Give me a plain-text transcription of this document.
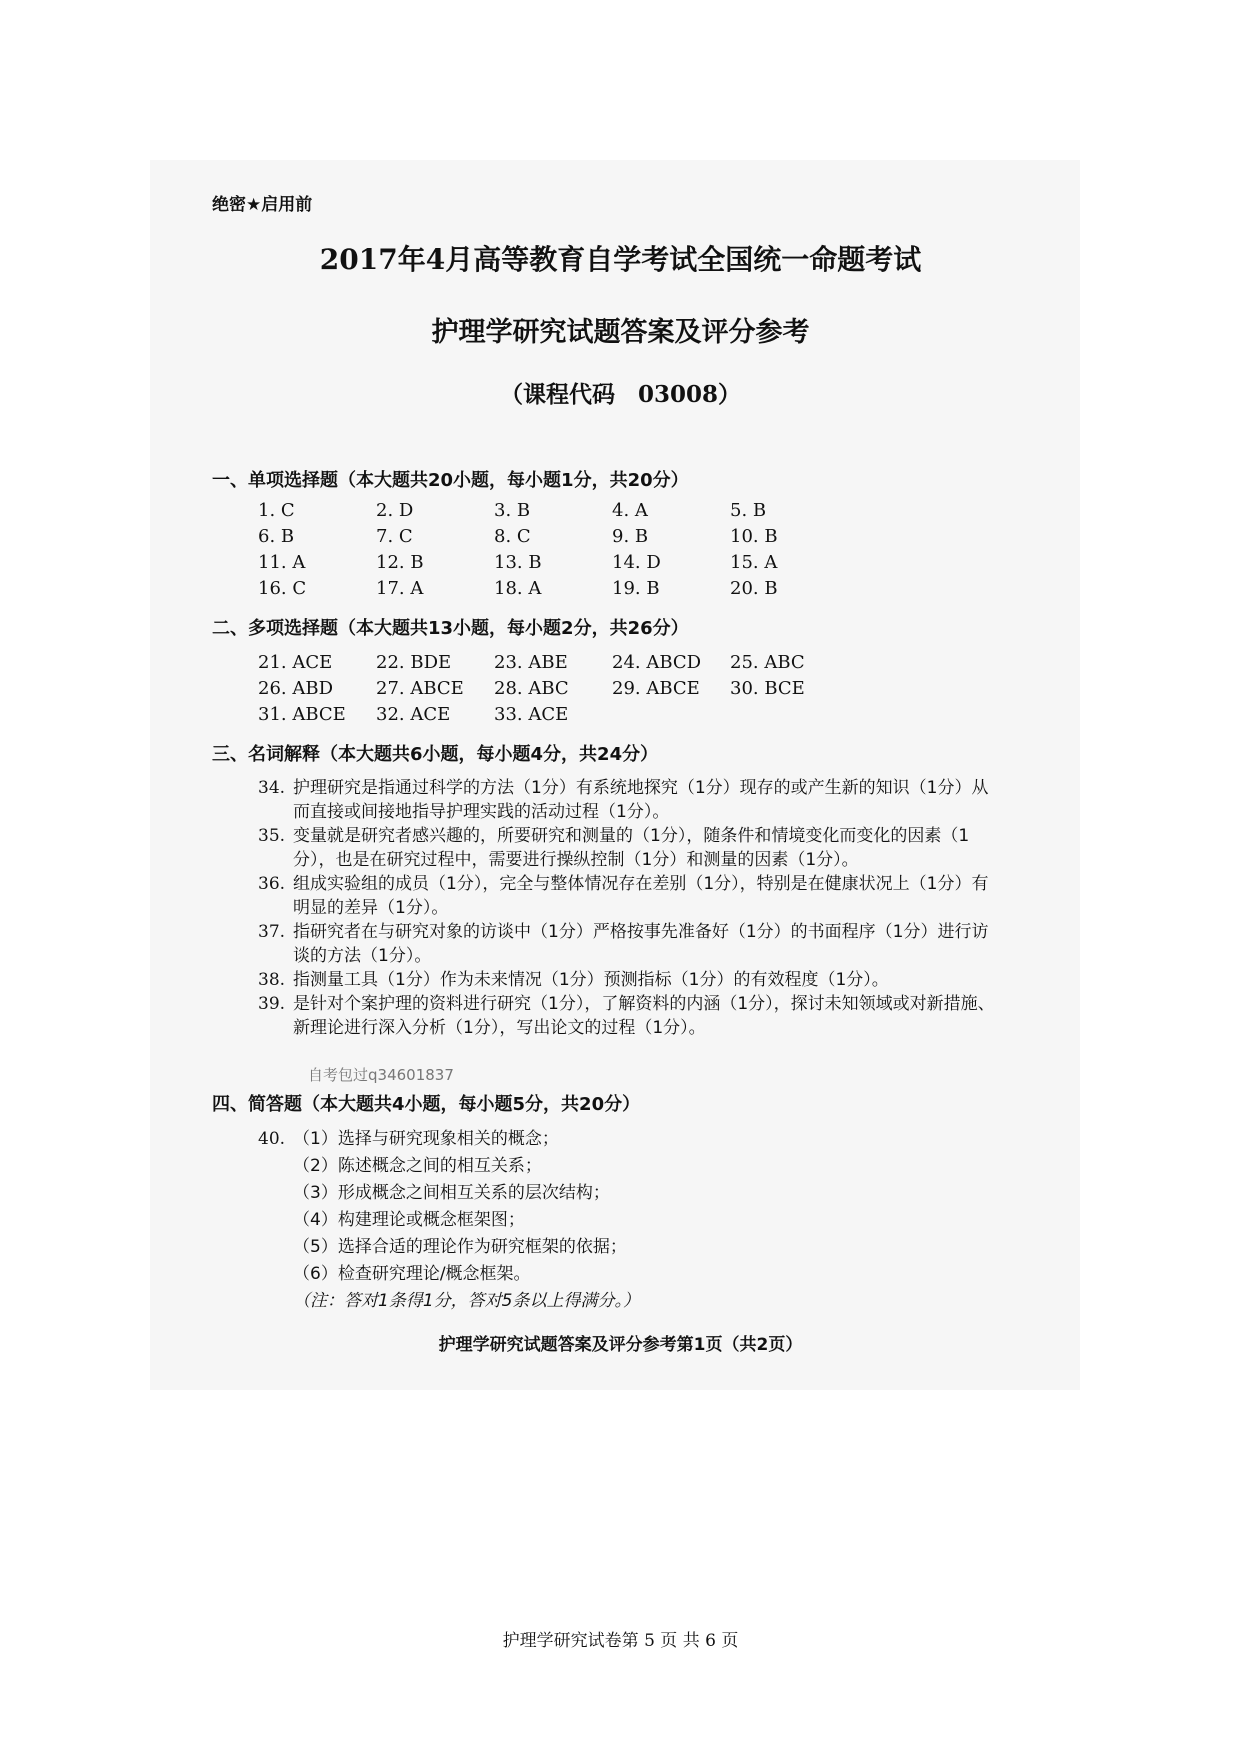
绝密★启用前
2017年4月高等教育自学考试全国统一命题考试
护理学研究试题答案及评分参考
（课程代码　03008）
一、单项选择题（本大题共20小题，每小题1分，共20分）
1. C	2. D	3. B	4. A	5. B
6. B	7. C	8. C	9. B	10. B
11. A	12. B	13. B	14. D	15. A
16. C	17. A	18. A	19. B	20. B
二、多项选择题（本大题共13小题，每小题2分，共26分）
21. ACE 22. BDE 23. ABE 24. ABCD 25. ABC
26. ABD 27. ABCE 28. ABC 29. ABCE 30. BCE
31. ABCE 32. ACE 33. ACE
三、名词解释（本大题共6小题，每小题4分，共24分）
34. 护理研究是指通过科学的方法（1分）有系统地探究（1分）现存的或产生新的知识（1分）从而直接或间接地指导护理实践的活动过程（1分）。
35. 变量就是研究者感兴趣的，所要研究和测量的（1分），随条件和情境变化而变化的因素（1分），也是在研究过程中，需要进行操纵控制（1分）和测量的因素（1分）。
36. 组成实验组的成员（1分），完全与整体情况存在差别（1分），特别是在健康状况上（1分）有明显的差异（1分）。
37. 指研究者在与研究对象的访谈中（1分）严格按事先准备好（1分）的书面程序（1分）进行访谈的方法（1分）。
38. 指测量工具（1分）作为未来情况（1分）预测指标（1分）的有效程度（1分）。
39. 是针对个案护理的资料进行研究（1分），了解资料的内涵（1分），探讨未知领域或对新措施、新理论进行深入分析（1分），写出论文的过程（1分）。
自考包过q34601837
四、简答题（本大题共4小题，每小题5分，共20分）
40. （1）选择与研究现象相关的概念；
（2）陈述概念之间的相互关系；
（3）形成概念之间相互关系的层次结构；
（4）构建理论或概念框架图；
（5）选择合适的理论作为研究框架的依据；
（6）检查研究理论/概念框架。
（注：答对1条得1分，答对5条以上得满分。）
护理学研究试题答案及评分参考第1页（共2页）
护理学研究试卷第 5 页 共 6 页
